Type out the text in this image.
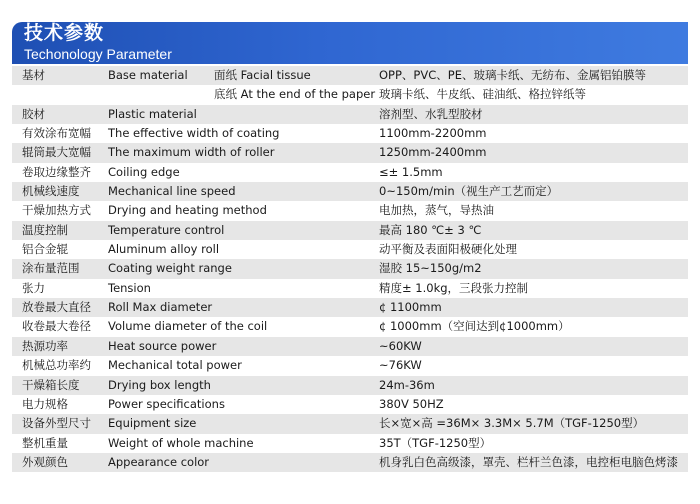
技术参数
Techonology Parameter
基材	Base material 面纸 Facial tissue	OPP、PVC、PE、玻璃卡纸、无纺布、金属铝铂膜等
底纸 At the end of the paper 玻璃卡纸、牛皮纸、硅油纸、格拉锌纸等
胶材	Plastic material	溶剂型、水乳型胶材
有效涂布宽幅 The effective width of coating	1100mm-2200mm
辊筒最大宽幅 The maximum width of roller	1250mm-2400mm
卷取边缘整齐 Coiling edge	≤± 1.5mm
机械线速度 Mechanical line speed	0~150m/min（视生产工艺而定）
干燥加热方式 Drying and heating method	电加热，蒸气，导热油
温度控制	Temperature control	最高 180 ℃± 3 ℃
铝合金辊	Aluminum alloy roll	动平衡及表面阳极硬化处理
涂布量范围 Coating weight range	湿胶 15~150g/m2
张力	Tension	精度± 1.0kg，三段张力控制
放卷最大直径 Roll Max diameter	¢ 1100mm
收卷最大卷径 Volume diameter of the coil	¢ 1000mm（空间达到¢1000mm）
热源功率	Heat source power	~60KW
机械总功率约 Mechanical total power	~76KW
干燥箱长度 Drying box length	24m-36m
电力规格	Power specifications	380V 50HZ
设备外型尺寸 Equipment size	长×宽×高 =36M× 3.3M× 5.7M（TGF-1250型）
整机重量	Weight of whole machine	35T（TGF-1250型）
外观颜色	Appearance color	机身乳白色高级漆，罩壳、栏杆兰色漆，电控柜电脑色烤漆
